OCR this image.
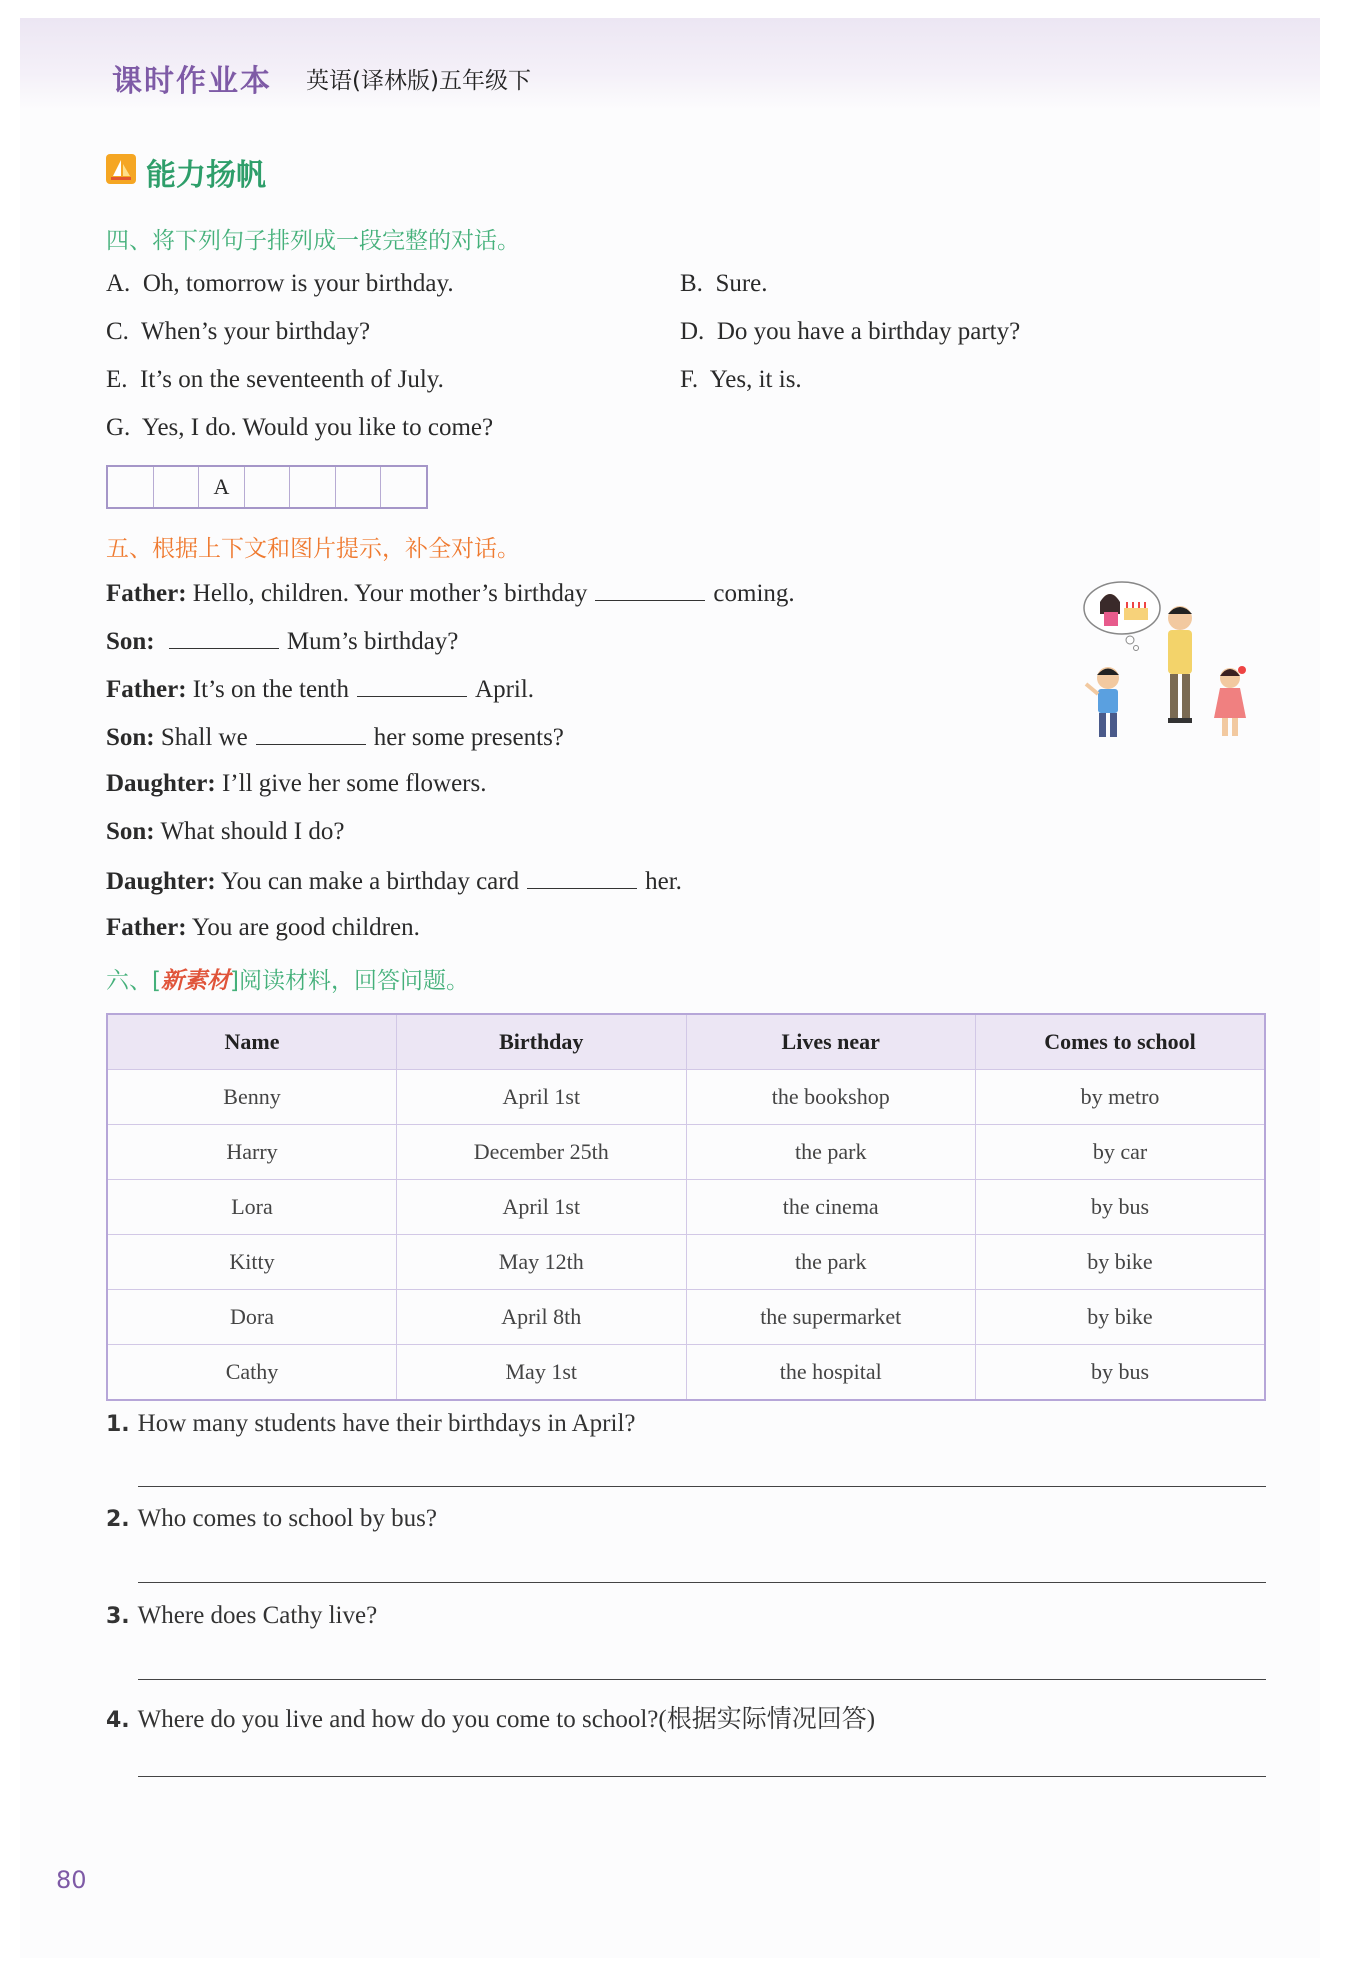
课时作业本 英语(译林版)五年级下
能力扬帆
四、将下列句子排列成一段完整的对话。
A. Oh, tomorrow is your birthday.	B. Sure.
C. When’s your birthday?	D. Do you have a birthday party?
E. It’s on the seventeenth of July.	F. Yes, it is.
G. Yes, I do. Would you like to come?
A
五、根据上下文和图片提示，补全对话。
Father: Hello, children. Your mother’s birthday	coming.
Son:	Mum’s birthday?
Father: It’s on the tenth	April.
Son: Shall we	her some presents?
Daughter: I’ll give her some flowers.
Son: What should I do?
Daughter: You can make a birthday card	her.
Father: You are good children.
六、[新素材]阅读材料，回答问题。
Name	Birthday	Lives near	Comes to school
Benny	April 1st	the bookshop	by metro
Harry	December 25th	the park	by car
Lora	April 1st	the cinema	by bus
Kitty	May 12th	the park	by bike
Dora	April 8th	the supermarket	by bike
Cathy	May 1st	the hospital	by bus
1. How many students have their birthdays in April?
2. Who comes to school by bus?
3. Where does Cathy live?
4. Where do you live and how do you come to school?(根据实际情况回答)
80
